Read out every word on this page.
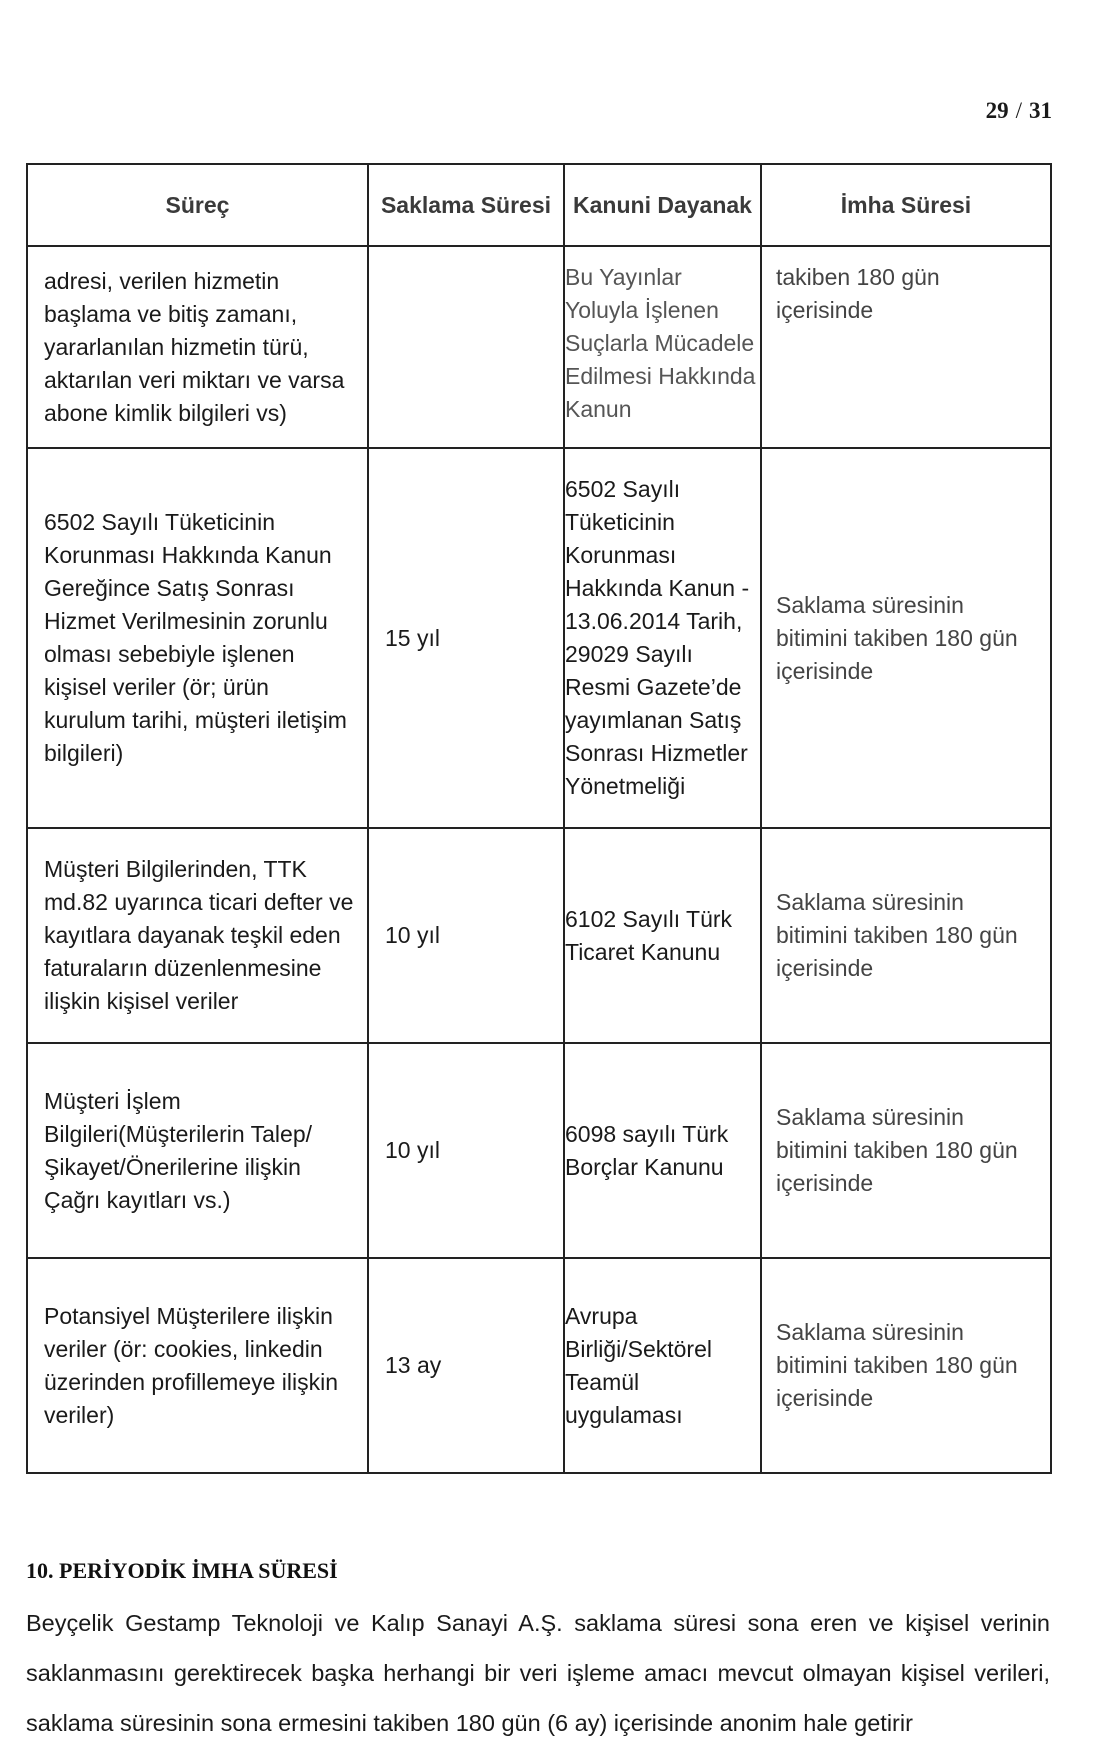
29 / 31
Süreç	Saklama Süresi	Kanuni Dayanak	İmha Süresi
adresi, verilen hizmetin başlama ve bitiş zamanı, yararlanılan hizmetin türü, aktarılan veri miktarı ve varsa abone kimlik bilgileri vs)		Bu Yayınlar Yoluyla İşlenen Suçlarla Mücadele Edilmesi Hakkında Kanun	takiben 180 gün içerisinde
6502 Sayılı Tüketicinin Korunması Hakkında Kanun Gereğince Satış Sonrası Hizmet Verilmesinin zorunlu olması sebebiyle işlenen kişisel veriler (ör; ürün kurulum tarihi, müşteri iletişim bilgileri)	15 yıl	6502 Sayılı Tüketicinin Korunması Hakkında Kanun - 13.06.2014 Tarih, 29029 Sayılı Resmi Gazete’de yayımlanan Satış Sonrası Hizmetler Yönetmeliği	Saklama süresinin bitimini takiben 180 gün içerisinde
Müşteri Bilgilerinden, TTK md.82 uyarınca ticari defter ve kayıtlara dayanak teşkil eden faturaların düzenlenmesine ilişkin kişisel veriler	10 yıl	6102 Sayılı Türk Ticaret Kanunu	Saklama süresinin bitimini takiben 180 gün içerisinde
Müşteri İşlem Bilgileri(Müşterilerin Talep/Şikayet/Önerilerine ilişkin Çağrı kayıtları vs.)	10 yıl	6098 sayılı Türk Borçlar Kanunu	Saklama süresinin bitimini takiben 180 gün içerisinde
Potansiyel Müşterilere ilişkin veriler (ör: cookies, linkedin üzerinden profillemeye ilişkin veriler)	13 ay	Avrupa Birliği/Sektörel Teamül uygulaması	Saklama süresinin bitimini takiben 180 gün içerisinde
10. PERİYODİK İMHA SÜRESİ
Beyçelik Gestamp Teknoloji ve Kalıp Sanayi A.Ş. saklama süresi sona eren ve kişisel verinin saklanmasını gerektirecek başka herhangi bir veri işleme amacı mevcut olmayan kişisel verileri, saklama süresinin sona ermesini takiben 180 gün (6 ay) içerisinde anonim hale getirir
